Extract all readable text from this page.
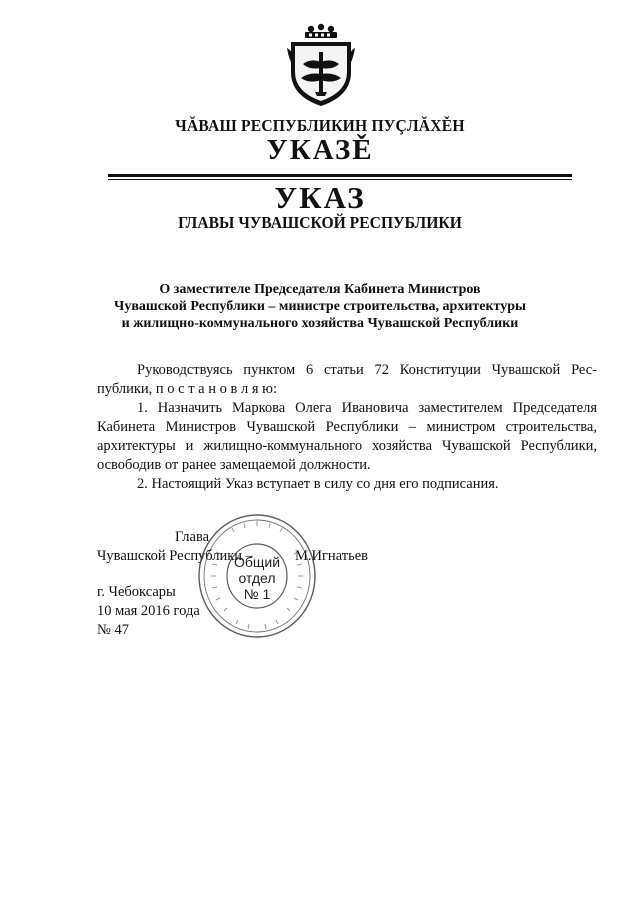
ЧĂВАШ РЕСПУБЛИКИН ПУÇЛĂХĚН
УКАЗĚ
УКАЗ
ГЛАВЫ ЧУВАШСКОЙ РЕСПУБЛИКИ
О заместителе Председателя Кабинета Министров
Чувашской Республики – министре строительства, архитектуры
и жилищно-коммунального хозяйства Чувашской Республики
Руководствуясь пунктом 6 статьи 72 Конституции Чувашской Рес-
публики, п о с т а н о в л я ю:
1. Назначить Маркова Олега Ивановича заместителем Председателя
Кабинета Министров Чувашской Республики – министром строительства,
архитектуры и жилищно-коммунального хозяйства Чувашской Республики,
освободив от ранее замещаемой должности.
2. Настоящий Указ вступает в силу со дня его подписания.
Глава
Чувашской Республики –	М.Игнатьев
г. Чебоксары
10 мая 2016 года
№ 47
Общий
отдел
№ 1
